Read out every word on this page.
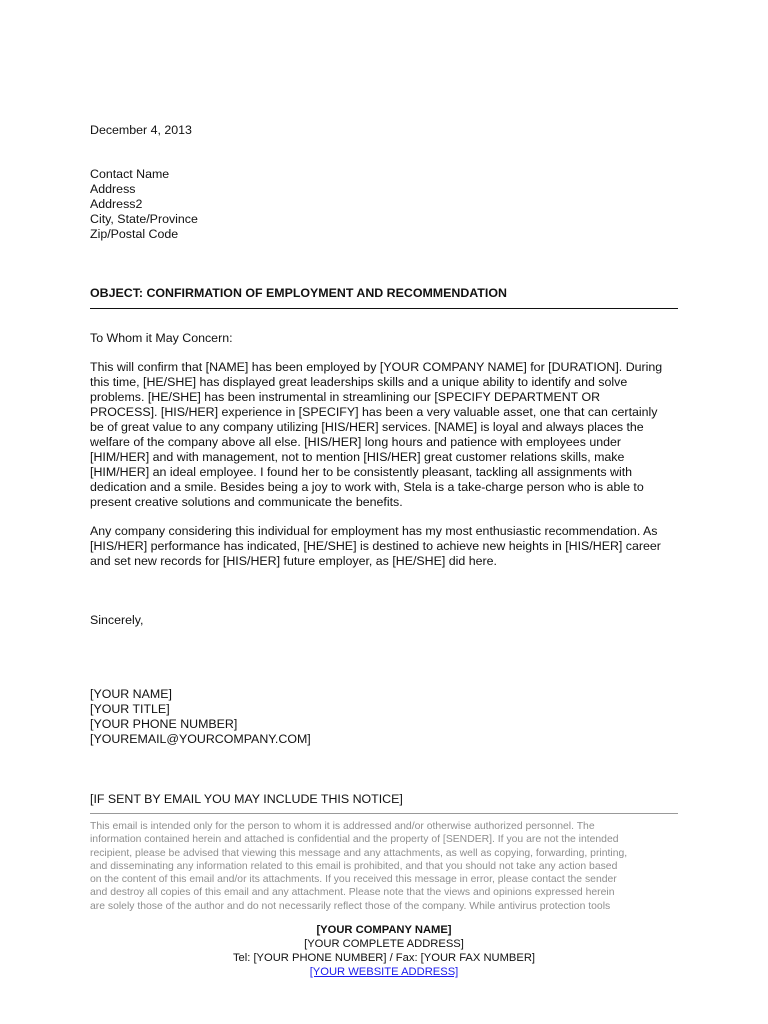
December 4, 2013
Contact Name
Address
Address2
City, State/Province
Zip/Postal Code
OBJECT: CONFIRMATION OF EMPLOYMENT AND RECOMMENDATION
To Whom it May Concern:
This will confirm that [NAME] has been employed by [YOUR COMPANY NAME] for [DURATION]. During
this time, [HE/SHE] has displayed great leaderships skills and a unique ability to identify and solve
problems. [HE/SHE] has been instrumental in streamlining our [SPECIFY DEPARTMENT OR
PROCESS]. [HIS/HER] experience in [SPECIFY] has been a very valuable asset, one that can certainly
be of great value to any company utilizing [HIS/HER] services. [NAME] is loyal and always places the
welfare of the company above all else. [HIS/HER] long hours and patience with employees under
[HIM/HER] and with management, not to mention [HIS/HER] great customer relations skills, make
[HIM/HER] an ideal employee. I found her to be consistently pleasant, tackling all assignments with
dedication and a smile. Besides being a joy to work with, Stela is a take-charge person who is able to
present creative solutions and communicate the benefits.
Any company considering this individual for employment has my most enthusiastic recommendation. As
[HIS/HER] performance has indicated, [HE/SHE] is destined to achieve new heights in [HIS/HER] career
and set new records for [HIS/HER] future employer, as [HE/SHE] did here.
Sincerely,
[YOUR NAME]
[YOUR TITLE]
[YOUR PHONE NUMBER]
[YOUREMAIL@YOURCOMPANY.COM]
[IF SENT BY EMAIL YOU MAY INCLUDE THIS NOTICE]
This email is intended only for the person to whom it is addressed and/or otherwise authorized personnel. The
information contained herein and attached is confidential and the property of [SENDER]. If you are not the intended
recipient, please be advised that viewing this message and any attachments, as well as copying, forwarding, printing,
and disseminating any information related to this email is prohibited, and that you should not take any action based
on the content of this email and/or its attachments. If you received this message in error, please contact the sender
and destroy all copies of this email and any attachment. Please note that the views and opinions expressed herein
are solely those of the author and do not necessarily reflect those of the company. While antivirus protection tools
[YOUR COMPANY NAME]
[YOUR COMPLETE ADDRESS]
Tel: [YOUR PHONE NUMBER] / Fax: [YOUR FAX NUMBER]
[YOUR WEBSITE ADDRESS]
